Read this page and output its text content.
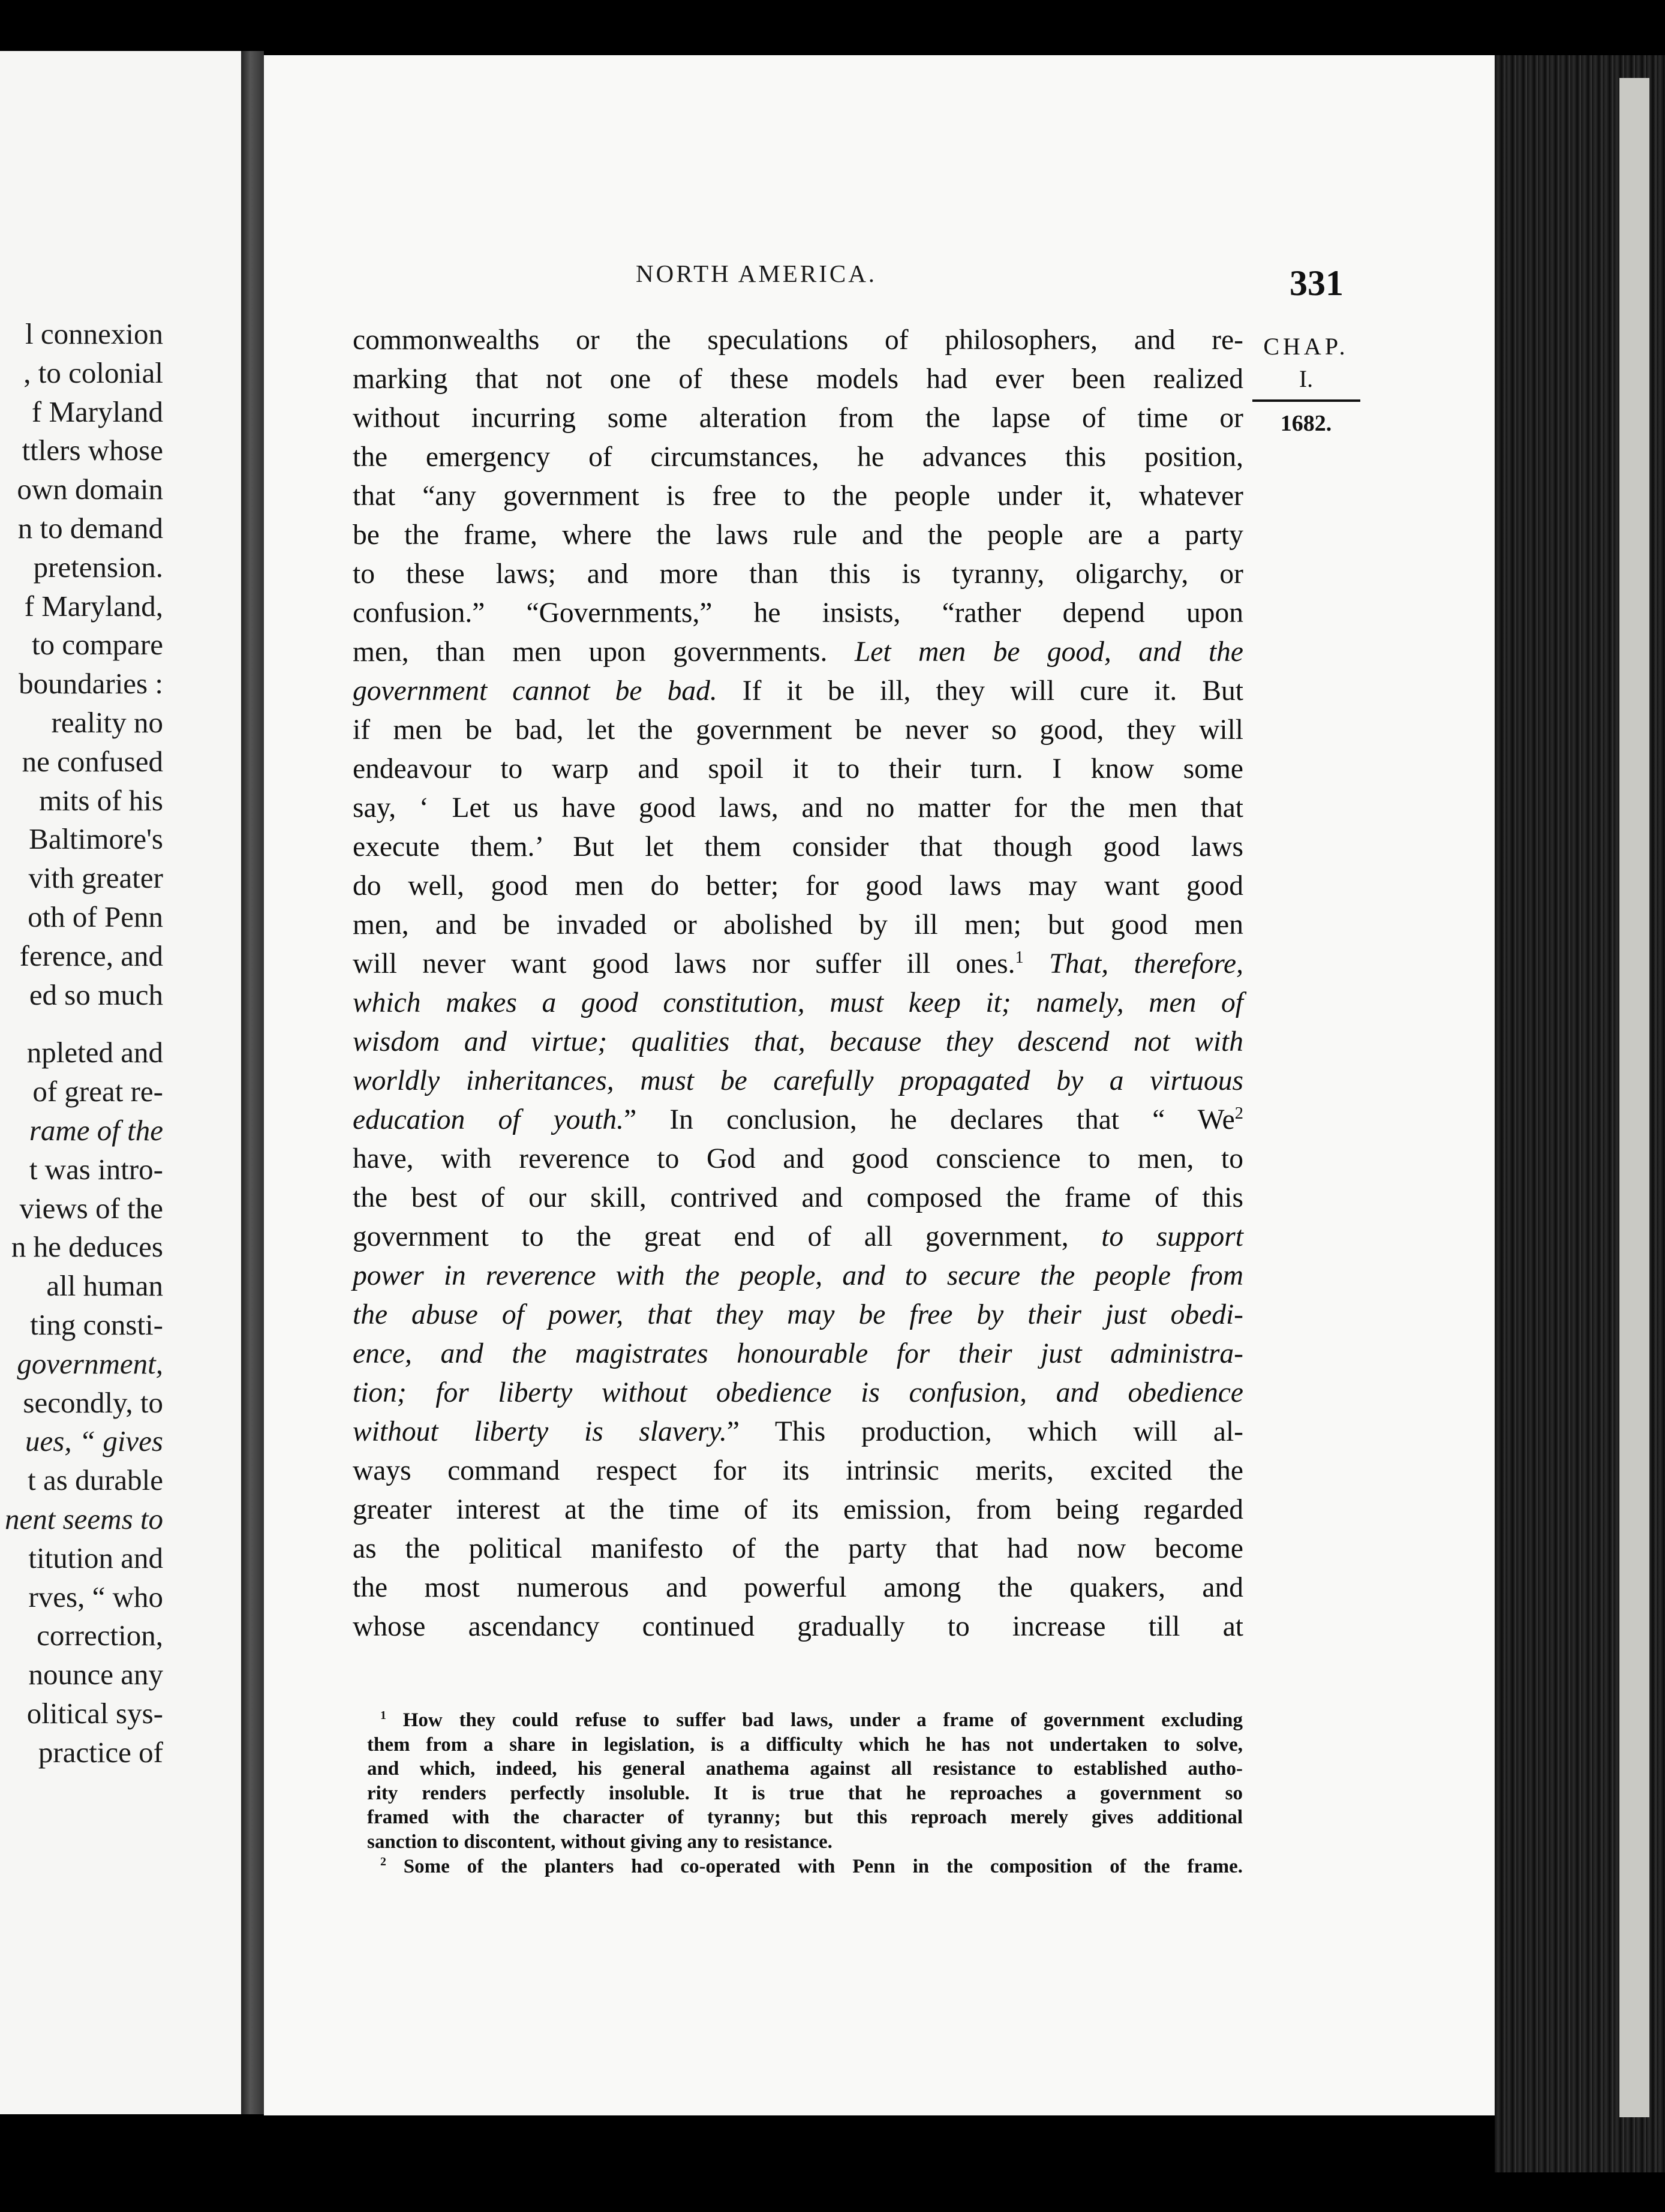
l connexion
, to colonial
f Maryland
ttlers whose
own domain
n to demand
pretension.
f Maryland,
to compare
boundaries :
reality no
ne confused
mits of his
Baltimore's
vith greater
oth of Penn
ference, and
ed so much
npleted and
of great re-
rame of the
t was intro-
views of the
n he deduces
all human
ting consti-
government,
secondly, to
ues, “ gives
t as durable
nent seems to
titution and
rves, “ who
correction,
nounce any
olitical sys-
practice of
NORTH AMERICA.	331
CHAP.
I.
1682.
commonwealths or the speculations of philosophers, and re-
marking that not one of these models had ever been realized
without incurring some alteration from the lapse of time or
the emergency of circumstances, he advances this position,
that “any government is free to the people under it, whatever
be the frame, where the laws rule and the people are a party
to these laws; and more than this is tyranny, oligarchy, or
confusion.” “Governments,” he insists, “rather depend upon
men, than men upon governments. Let men be good, and the
government cannot be bad. If it be ill, they will cure it. But
if men be bad, let the government be never so good, they will
endeavour to warp and spoil it to their turn. I know some
say, ‘ Let us have good laws, and no matter for the men that
execute them.’ But let them consider that though good laws
do well, good men do better; for good laws may want good
men, and be invaded or abolished by ill men; but good men
will never want good laws nor suffer ill ones.$^1$ That, therefore,
which makes a good constitution, must keep it; namely, men of
wisdom and virtue; qualities that, because they descend not with
worldly inheritances, must be carefully propagated by a virtuous
education of youth.” In conclusion, he declares that “ We$^2$
have, with reverence to God and good conscience to men, to
the best of our skill, contrived and composed the frame of this
government to the great end of all government, to support
power in reverence with the people, and to secure the people from
the abuse of power, that they may be free by their just obedi-
ence, and the magistrates honourable for their just administra-
tion; for liberty without obedience is confusion, and obedience
without liberty is slavery.” This production, which will al-
ways command respect for its intrinsic merits, excited the
greater interest at the time of its emission, from being regarded
as the political manifesto of the party that had now become
the most numerous and powerful among the quakers, and
whose ascendancy continued gradually to increase till at
$^1$ How they could refuse to suffer bad laws, under a frame of government excluding
them from a share in legislation, is a difficulty which he has not undertaken to solve,
and which, indeed, his general anathema against all resistance to established autho-
rity renders perfectly insoluble. It is true that he reproaches a government so
framed with the character of tyranny; but this reproach merely gives additional
sanction to discontent, without giving any to resistance.
$^2$ Some of the planters had co-operated with Penn in the composition of the frame.
